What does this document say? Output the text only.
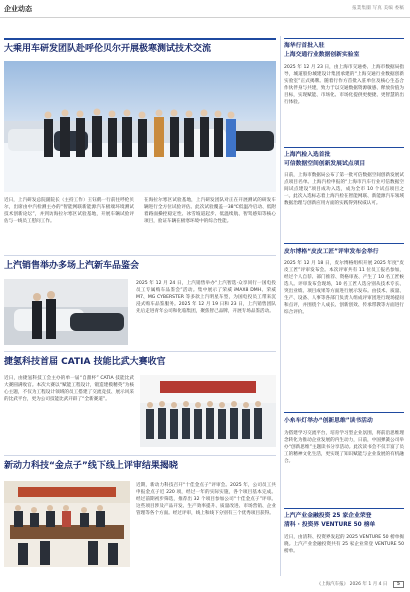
企业动态	报業集團 写真 美编 委稿
大乘用车研发团队赴呼伦贝尔开展极寒测试技术交流
近日，上汽研发总院副院长（主持工作）王钰鹤一行前往呼伦贝尔，出席由中汽检测主办的“智能网联新能源汽车极端环境测试技术创新论坛”，并到访海拉尔寒区试验基地，开展车辆试验评估与一线员工慰问工作。
在海拉尔寒区试验基地，上汽研发团队对正在开展测试的研发车辆进行全方位试验评估。此次试验覆盖一38℃低温冷启动、低附着路面操控稳定性、冰雪坡道起步、低温续航、智驾感知等核心项目，验证车辆在极寒环境中的综合性能。
上汽销售举办多场上汽新车品鉴会
2025 年 12 月 24 日，上汽销售举办“上汽智选·众享同行一国电投员工专属购车品鉴会”活动。集中展示了荣威 iMAX8 DMH、荣威 M7、MG CYBERSTER 等多款上汽明星车型，为国电投员工带来沉浸式购车品鉴服务。2025 年 12 月 19 日和 23 日，上汽销售团队先后走进青年公司和化临集团，聚焦智己品牌，开展专场品鉴活动。
捷氢科技首届 CATIA 技能比武大赛收官
近日，由捷氢科技工会主办的单一届“自甜杯” CATIA 技能比武大赛圆满收官。本次大赛以“赋能工程设计，锻造建模精英”为核心主题，不仅为工程设计领域的员工搭建了交流竞技、展示风采的比武平台，更为公司技能比武开辟了“全新赛道”。
新动力科技“金点子”线下线上评审结果揭晓
近期，新动力科技召开“十佳金点子”评审会。2025 年，公司员工共申报金点子近 220 项，经过一年的实际实施，各个项目基本完成。经过前期初步筛选，推荐出 32 个项目参加公司“十佳金点子”评审。这些项目涉及产品开发、生产效率提升、质量改进、市场营销、企业管理等各个方面。经过评审，线上和线下分别有三个优秀项目获得。
海华行首批入驻
上海交通行业数据创新实验室
2025 年 12 月 23 日，由上海市交通委、上海市数据局指导，城道股份城建设计集团承建的“上海交通行业数据创新实验室”正式揭牌。随着行作方首批入驻单位及核心生态合作伙伴身与共建，致力于以交通数据资源敏感、释放价值为目标，实现赋能、市场化、市场化提供更便捷、更智慧的出行体验。
上海汽检入选首批
可信数据空间创新发展试点项目
日前，上海市数据局公布了第一批可信数据空间创新发展试点项目名单。上海汽检申报的“上海市汽车行业可信数据空间试点建设”项目成功入选，成为全市 10 个试点项目之一。此次入选标志着上海汽检在智能网联、新能源汽车领域数据治理与创新应用方面的实践得到权威认可。
皮尔博格“皮皮工匠”评审发布会举行
2025 年 12 月 18 日，皮尔博格组织开展 2025 年度“皮皮工匠”评审发布会。本次评审共有 11 位员工报名参加，经过个人自荐、部门推荐、资格审查、产生了 10 名工匠候选人。评审发布会现场，10 名工匠人选分别从技术专长、突出业绩、项目成果等方面进行展示发布。由技术、质量、生产、设备、人事等各部门负责人组成评审团进行现场提问和点评，并围绕个人成长、创新创效、传承带教等方面进行综合评价。
小糸车灯举办“创新思维”读书活动
为搭建学习交流平台，培育学习型企业氛围，将前沿思维理念转化为推动企业发展的内生动力，日前，中国弹簧公司举办“创新思维”主题读书分享活动。此次读书会不仅丰富了员工的精神文化生活，更实现了知识赋能与企业发展的有机融合。
上汽产业金融投资 25 家企业荣登
清科 · 投资界 VENTURE 50 榜单
近日，由清科、投资界发起的 2025 VENTURE 50 榜单揭晓。上汽产业金融投资共有 25 家企业荣登 VENTURE 50 榜单。
《上海汽车报》 2026 年 1 月 4 日 5
